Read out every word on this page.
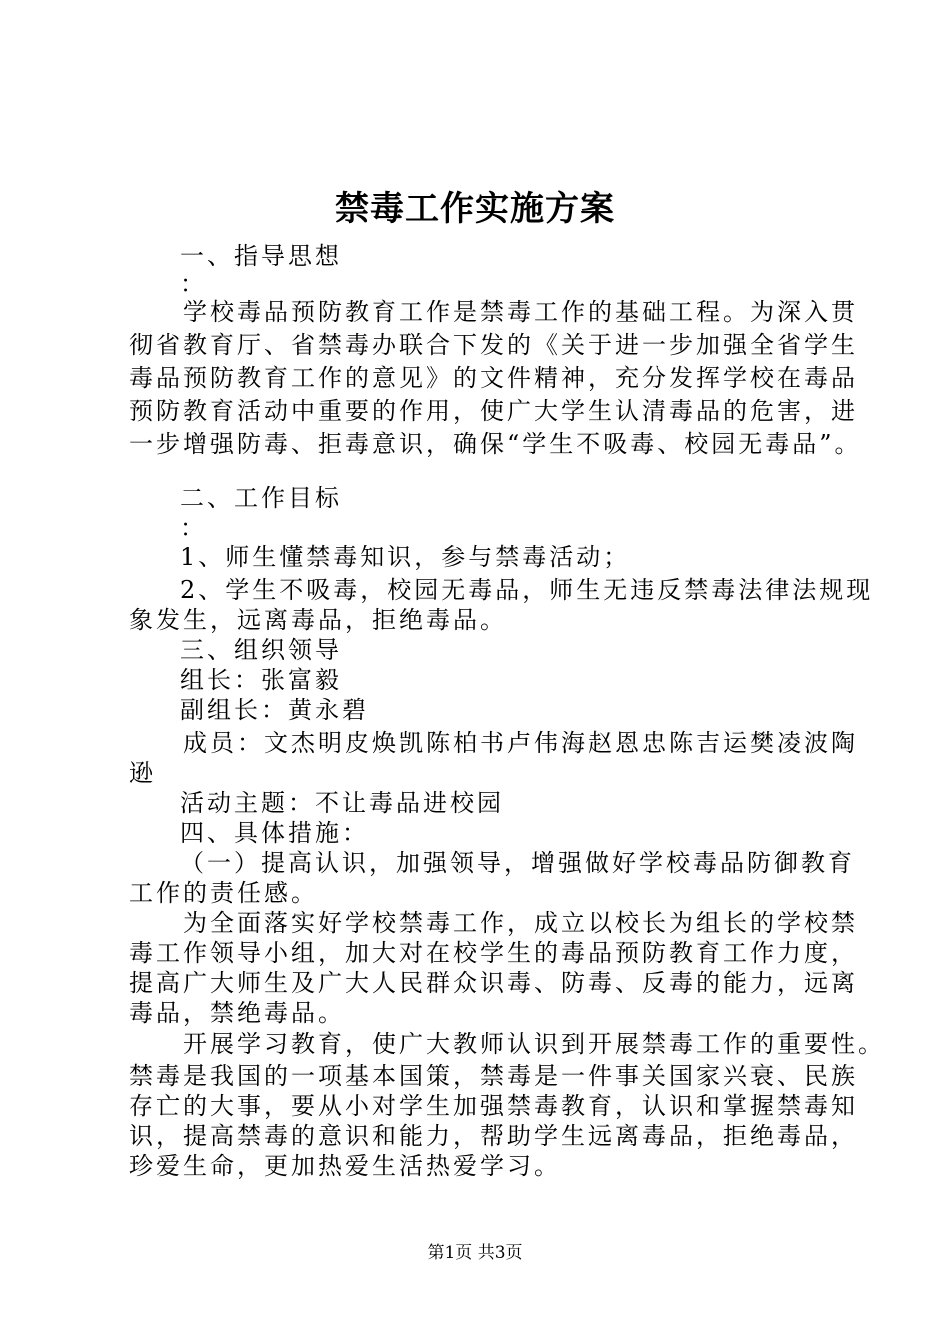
禁毒工作实施方案

一、指导思想

：

学校毒品预防教育工作是禁毒工作的基础工程。为深入贯

彻省教育厅、省禁毒办联合下发的《关于进一步加强全省学生

毒品预防教育工作的意见》的文件精神，充分发挥学校在毒品

预防教育活动中重要的作用，使广大学生认清毒品的危害，进

一步增强防毒、拒毒意识，确保“学生不吸毒、校园无毒品”。

二、工作目标

：

1、师生懂禁毒知识，参与禁毒活动；

2、学生不吸毒，校园无毒品，师生无违反禁毒法律法规现

象发生，远离毒品，拒绝毒品。

三、组织领导

组长：张富毅

副组长：黄永碧

成员：文杰明皮焕凯陈柏书卢伟海赵恩忠陈吉运樊凌波陶

逊

活动主题：不让毒品进校园

四、具体措施：

（一）提高认识，加强领导，增强做好学校毒品防御教育

工作的责任感。

为全面落实好学校禁毒工作，成立以校长为组长的学校禁

毒工作领导小组，加大对在校学生的毒品预防教育工作力度，

提高广大师生及广大人民群众识毒、防毒、反毒的能力，远离

毒品，禁绝毒品。

开展学习教育，使广大教师认识到开展禁毒工作的重要性。

禁毒是我国的一项基本国策，禁毒是一件事关国家兴衰、民族

存亡的大事，要从小对学生加强禁毒教育，认识和掌握禁毒知

识，提高禁毒的意识和能力，帮助学生远离毒品，拒绝毒品，

珍爱生命，更加热爱生活热爱学习。

第1页 共3页
